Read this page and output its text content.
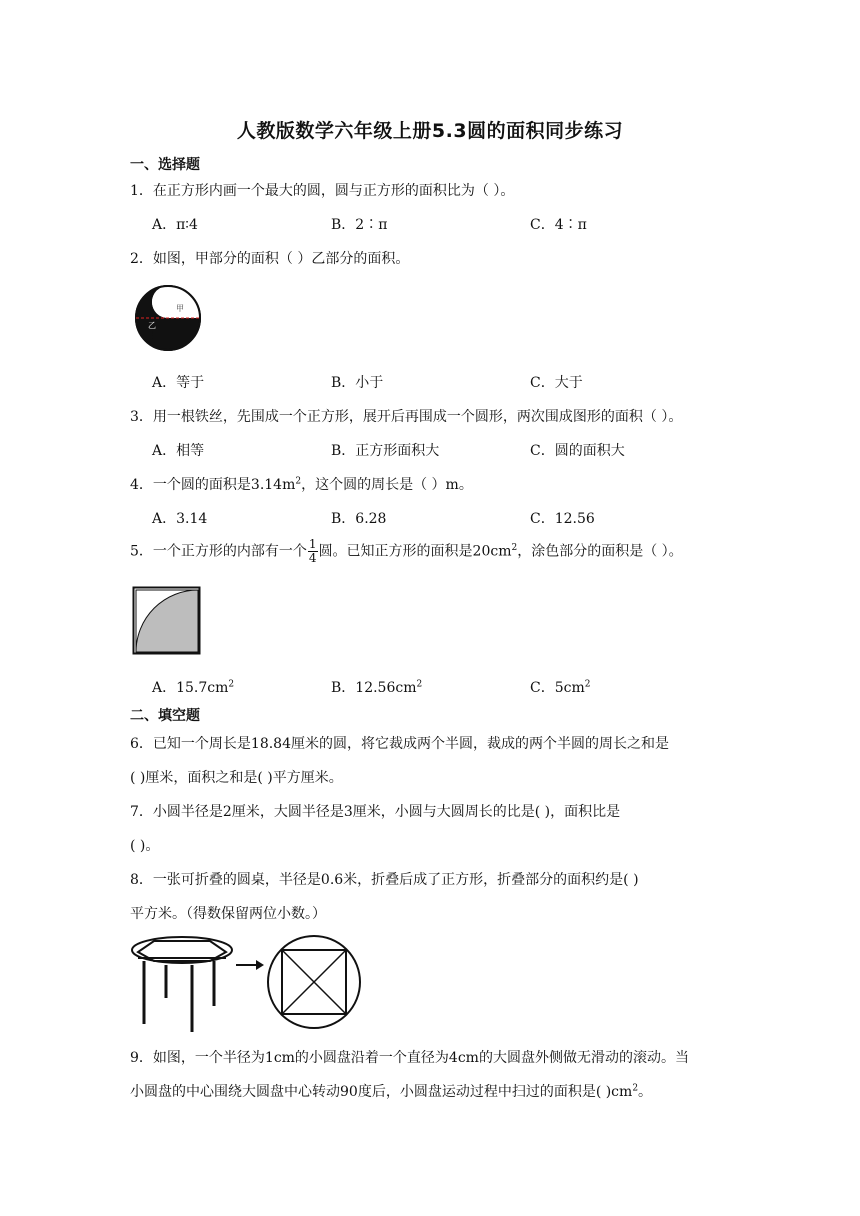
人教版数学六年级上册5.3圆的面积同步练习
一、选择题
1．在正方形内画一个最大的圆，圆与正方形的面积比为（ ）。
A．π∶4	B．2∶π	C．4∶π
2．如图，甲部分的面积（ ）乙部分的面积。
甲
乙
A．等于	B．小于	C．大于
3．用一根铁丝，先围成一个正方形，展开后再围成一个圆形，两次围成图形的面积（ ）。
A．相等	B．正方形面积大	C．圆的面积大
4．一个圆的面积是$3.14m^2$，这个圆的周长是（ ）m。
A．3.14	B．6.28	C．12.56
5．一个正方形的内部有一个 $\frac{1}{4}$ 圆。已知正方形的面积是$20cm^2$，涂色部分的面积是（ ）。
A．$15.7cm^2$	B．$12.56cm^2$	C．$5cm^2$
二、填空题
6．已知一个周长是18.84厘米的圆，将它裁成两个半圆，裁成的两个半圆的周长之和是
( )厘米，面积之和是( )平方厘米。
7．小圆半径是2厘米，大圆半径是3厘米，小圆与大圆周长的比是( )，面积比是
( )。
8．一张可折叠的圆桌，半径是0.6米，折叠后成了正方形，折叠部分的面积约是( )
平方米。（得数保留两位小数。）
9．如图，一个半径为1cm的小圆盘沿着一个直径为4cm的大圆盘外侧做无滑动的滚动。当
小圆盘的中心围绕大圆盘中心转动90度后，小圆盘运动过程中扫过的面积是( )$cm^2$。
